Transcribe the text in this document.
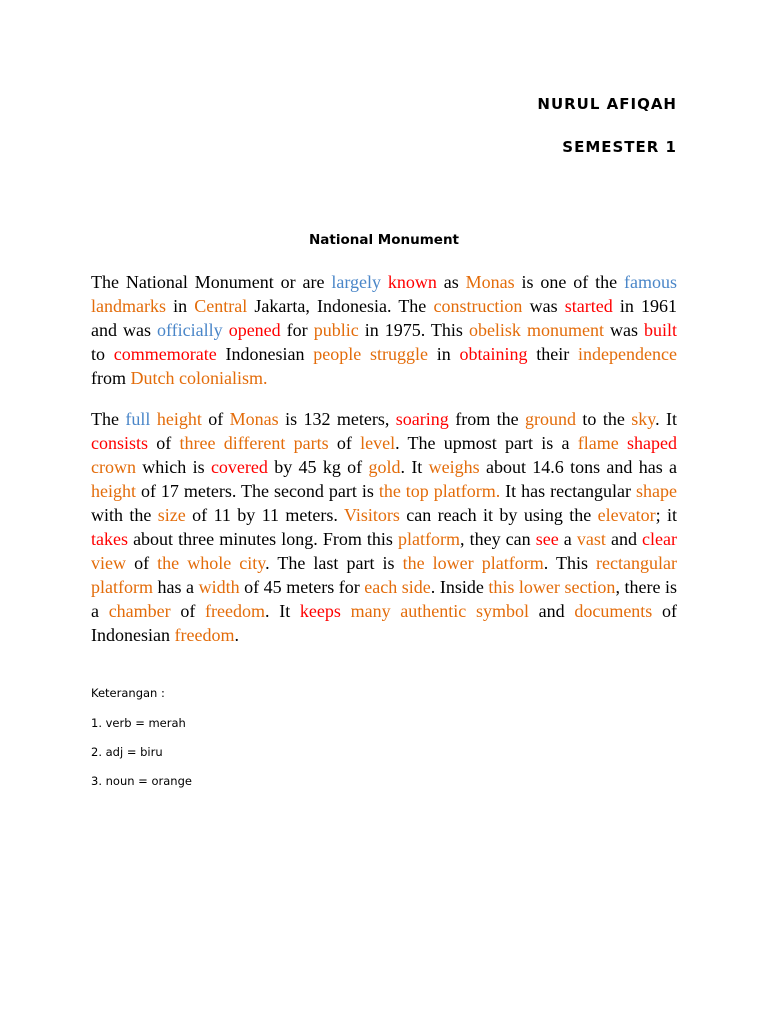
NURUL AFIQAH

SEMESTER 1

National Monument

The National Monument or are largely known as Monas is one of the famous landmarks in Central Jakarta, Indonesia. The construction was started in 1961 and was officially opened for public in 1975. This obelisk monument was built to commemorate Indonesian people struggle in obtaining their independence from Dutch colonialism.

The full height of Monas is 132 meters, soaring from the ground to the sky. It consists of three different parts of level. The upmost part is a flame shaped crown which is covered by 45 kg of gold. It weighs about 14.6 tons and has a height of 17 meters. The second part is the top platform. It has rectangular shape with the size of 11 by 11 meters. Visitors can reach it by using the elevator; it takes about three minutes long. From this platform, they can see a vast and clear view of the whole city. The last part is the lower platform. This rectangular platform has a width of 45 meters for each side. Inside this lower section, there is a chamber of freedom. It keeps many authentic symbol and documents of Indonesian freedom.

Keterangan :

1. verb = merah

2. adj = biru

3. noun = orange
